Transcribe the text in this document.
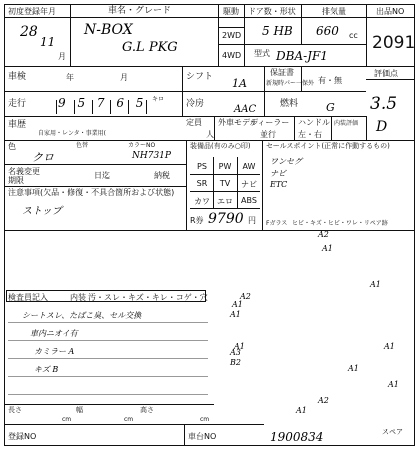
初度登録年月
28
11
月
車名・グレード
N-BOX
G.L PKG
駆動
2WD
4WD
ドア数・形状
5 HB
排気量
660 cc
出品NO
2091
型式 DBA-JF1
車検	年	月	シフト 1A
保証書
新規時パー一保外 有・無
評価点
3.5
走行	9 5 7 6 5 キロ 冷房	AAC	燃料	G
車歴
自家用・レンタ・事業用(
定員
人
外車モデル
ディーラー
並行
ハンドル
左・右
内装評価 D
色
クロ
色替	カラーNO
NH731P
名義変更
期限
日迄	納税
装備品(有のみ○印)
PS	PW	AW
SR	TV	ナビ
カワ エロ	ABS
R券 9790 円
セールスポイント(正常に作動するもの)
ワンセグ
ナビ
ETC
注意事項(欠品・修復・不具合箇所および状態)
ストップ
Fガラス ヒビ・キズ・ヒビ・ワレ・リペア跡
検査員記入	内装 汚・スレ・キズ・キレ・コゲ・穴
シートスレ、たばこ臭、セル交換
車内ニオイ有
カミラー A
キズ B
A2
A1
A1
A2
A1
A1
A1
A3
A1
B2
A1
A1
A1
A2
スペア
長さ
cm
幅
cm
高さ
cm
登録NO	車台NO	1900834
